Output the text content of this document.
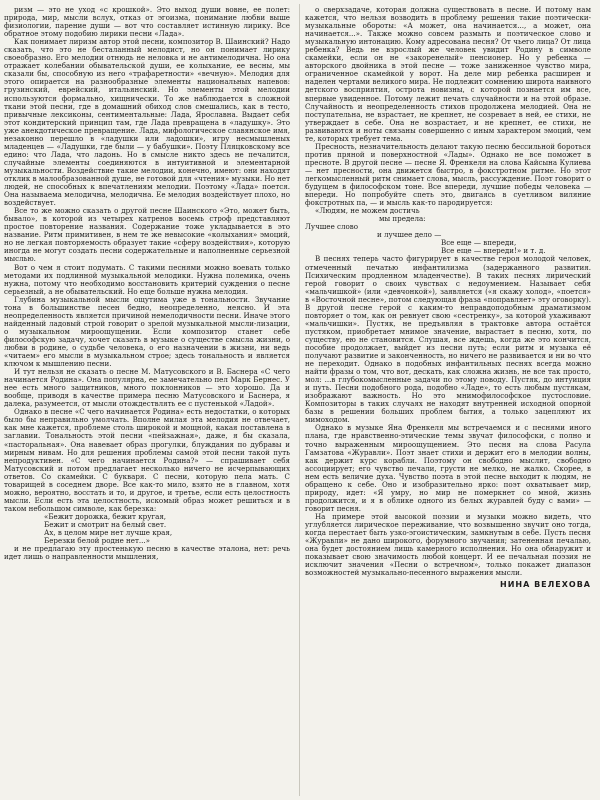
ризм — это не уход «с крошкой». Это выход души вовне, ее полет: природа, мир, мысли вслух, отказ от эгоизма, понимание любви выше физиологии, парение души — вот что составляет истинную лирику. Все обратное этому подобию лирики песни «Лада».

Как понимает лиризм автор этой песни, композитор В. Шаинский? Надо сказать, что это не бесталанный мелодист, но он понимает лирику своеобразно. Его мелодии отнюдь не неловка и не антимелодична. Но она отражает колебании обывательской души, ее колыхание, ее весны, мы сказали бы, способную из него «трафаретности» «вечную». Мелодия для этого опирается на разнообразные элементы национальных напевов: грузинский, еврейский, итальянский. Но элементы этой мелодии используются формально, хищнически. То же наблюдается в сложной ткани этой песни, где в домашний обиход слов смешались, как в тесто, привычные лексиконы, сентиментальные: Лада, Ярославна. Выдает себя этот кондитерский принцип там, где Лада превращена в «ладушку». Это уже анекдотическое превращение. Лада, мифологическое славянское имя, незаконно перешло в «ладушки или ладошки», игру несмышленых младенцев — «Ладушки, где были — у бабушки». Поэту Пляцковскому все едино: что Лада, что ладонь. Но в смысле никто здесь не печалится, случайные элементы соединяются в интуитивной и элементарной музыкальности. Воздействие такие мелодии, конечно, имеют: они находят отклик в малообразованной душе, не готовой для «чтения» музыки. Но нет людей, не способных к впечатлениям мелодии. Поэтому «Лада» поется. Она называема мелодична, мелодична. Ее мелодия воздействует плохо, но воздействует.

Все то же можно сказать о другой песне Шаинского «Это, может быть, бывало», в которой из четырех катренов восемь строф представляют простое повторение названия. Содержание тоже укладывается в это название. Ритм примитивен, в нем те же невысокие «колыхания» эмоций, но не легкая повторяемость образует такие «сферу воздействия», которую иногда не могут создать песни содержательные и наполненные серьезной мыслью.

Вот о чем я стоит подумать. С такими песнями можно воевать только методами их подлинной музыкальной мелодики. Нужна полемика, очень нужна, потому что необходимо восстановить критерий суждения о песне серьезный, а не обывательский. Но еще больше нужна мелодия.

Глубина музыкальной мысли ощутима уже в тональности. Звучание тона в большинстве песен бедно, неопределенно, неясно. И эта неопределенность является причиной немелодичности песни. Иначе этого найденный ладовый строй говорит о зрелой музыкальной мысли-лизации, о музыкальном мироощущении. Если композитор станет себе философскую задачу, хочет сказать в музыке о существе смысла жизни, о любви в родине, о судьбе человека, о его назначении в жизни, ни ведь «читаем» его мысли в музыкальном строе; здесь тональность и является ключом к мышлению песни.

И тут нельзя не сказать о песне М. Матусовского и В. Баснера «С чего начинается Родина». Она популярна, ее замечательно пел Марк Бернес. У нее есть много защитников, много поклонников — это хорошо. Да и вообще, приводя в качестве примера песню Матусовского и Баснера, я далека, разумеется, от мысли отождествлять ее с пустенькой «Ладой».

Однако в песне «С чего начинается Родина» есть недостатки, о которых было бы неправильно умолчать. Вполне милая эта мелодия не отвечает, как мне кажется, проблеме столь широкой и мощной, какая поставлена в заглавии. Тональность этой песни «пейзажная», даже, я бы сказала, «пасторальная». Она навевает образ прогулки, блуждания по дубравы и мирным нивам. Но для решения проблемы самой этой песни такой путь непродуктивен. «С чего начинается Родина?» — спрашивает себя Матусовский и потом предлагает несколько ничего не исчерпывающих ответов. Со скамейки. С букваря. С песни, которую пела мать. С товарищей в соседнем дворе. Все как-то мило, взято не в главном, хотя можно, вероятно, восстать и то, и другое, и третье, если есть целостность мысли. Если есть эта целостность, искомый образ может решиться и в таком небольшом символе, как березка:

«Бежит дорожка, бежит кругая,
Бежит и смотрит на белый свет.
Ах, в целом мире нет лучше края,
Березки белой родне нет...»

и не предлагаю эту простенькую песню в качестве эталона, нет: речь идет лишь о направленности мышления,

о сверхзадаче, которая должна существовать в песне. И потому нам кажется, что нельзя возводить в проблему решения такие поэтически-музыкальные обороты: «А может, она начинается..., а может, она начинается...». Также можно совсем размыть и поэтическое слово и музыкальную интонацию. Кому адресована песня? От чьего лица? От лица ребенка? Ведь не взрослый же человек увидит Родину в символе скамейки, если он не «закоренелый» пенсионер. Но у ребенка — авторского двойника в этой песне — тоже заниженное чувство мира, ограниченное скамейкой у ворот. На деле мир ребенка расширен и наделен чертами великого мира. Не подлежит сомнению широта наивного детского восприятия, острота новизны, с которой познается им все, впервые увиденное. Потому лежит печать случайности и на этой образе. Случайность и неопределенность стихов продолжена мелодией. Она не поступательна, не взрастает, не крепнет, не созревает в ней, ее стихи, не утверждает в себе. Она не возрастает, и не крепнет, ее стихи, не развиваются и ноты связаны совершенно с иным характером эмоций, чем те, которых требует тема.

Пресность, незначительность делают такую песню бессильной бороться против пряной и поверхностной «Лады». Однако не все поможет в пресноте. В другой песне — песне Я. Френкеля на слова Кайсына Кулиева — нет пресности, она движется быстро, в фокстротном ритме. Но этот легкомысленный ритм снимает слова, мысль, рассуждение. Поэт говорит о будущем в философском тоне. Все впереди, лучшие победы человека — впереди. Но попробуйте спеть это, двигаясь в суетливом виляние фокстротных па, — и мысль как-то пародируется:

«Людям, не можем достичь

мы предела:
Лучшее слово
и лучшее дело —
Все еще — впереди,
Все еще — впереди!» и т. д.

В песнях теперь часто фигурирует в качестве героя молодой человек, отмеченный печатью инфантилизма (задержанного развития. Психическим продленном младенчестве). В таких песнях лирический герой говорит о своих чувствах с недоумением. Называет себя «мальчишкой» (или «девчонкой»), заявляется («я скажу холод», «поется» в «Восточной песне», потом следующая фраза «поправляет» эту оговорку). В другой песне герой с каким-то неправдоподобным драматизмом повторяет о том, как он ревнует свою «сестренку», за которой ухаживают «мальчишки». Пустяк, не предъявляя в трактовке автора остаётся пустяком, приобретает мнимое значение, вырастает в песню, хотя, по существу, ею не становится. Слушая, все ждешь, когда же это кончится, пособие продолжает, выйдет из песни путь; если ритм и музыка её получают развитие и законченность, но ничего не развивается и ни во что не переходит. Однако в подобных инфантильных песнях всегда можно найти фразы о том, что вот, дескать, как сложна жизнь, не все так просто, мол: ...в глубокомысленные задачи по этому поводу. Пустяк, до интуиция и путь. Песни подобного рода, подобно «Ладе», то есть любым пустякам, изображают важность. Но это мнимофилософское пустословие. Композиторы в таких случаях не находят внутренней исходной опорной базы в решении больших проблем бытия, а только зацепляют их мимоходом.

Однако в музыке Яна Френкеля мы встречаемся и с песнями иного плана, где нравственно-этические темы звучат философски, с полно и точно выраженным мироощущением. Это песня на слова Расула Гамзатова «Журавли». Поэт знает стихи и держит его в мелодии волны, как держит курс корабли. Поэтому он свободно мыслит, свободно ассоциирует; его чувство печали, грусти не мелко, не жалко. Скорее, в нем есть величие духа. Чувство поэта в этой песне выходит к людям, не обращено к себе. Оно и изобразительно ярко: поэт охватывает мир, природу, идет: «Я умру, но мир не померкнет со мной, жизнь продолжится, и я в облике одного из белых журавлей буду с вами» — говорит песня.

На примере этой высокой поэзии и музыки можно видеть, что углубляется лирическое переживание, что возвышенно звучит оно тогда, когда перестает быть узко-эгоистическим, замкнутым в себе. Пусть песня «Журавли» не дано широкого, форумного звучания; затененная печалью, она будет достоянием лишь камерного исполнения. Но она обнаружит и показывает свою значимость любой концерт. И ее печальная поэзия не исключит значения «Песни о встречном», только покажет диапазон возможностей музыкально-песенного выражения мысли.

НИНА ВЕЛЕХОВА
